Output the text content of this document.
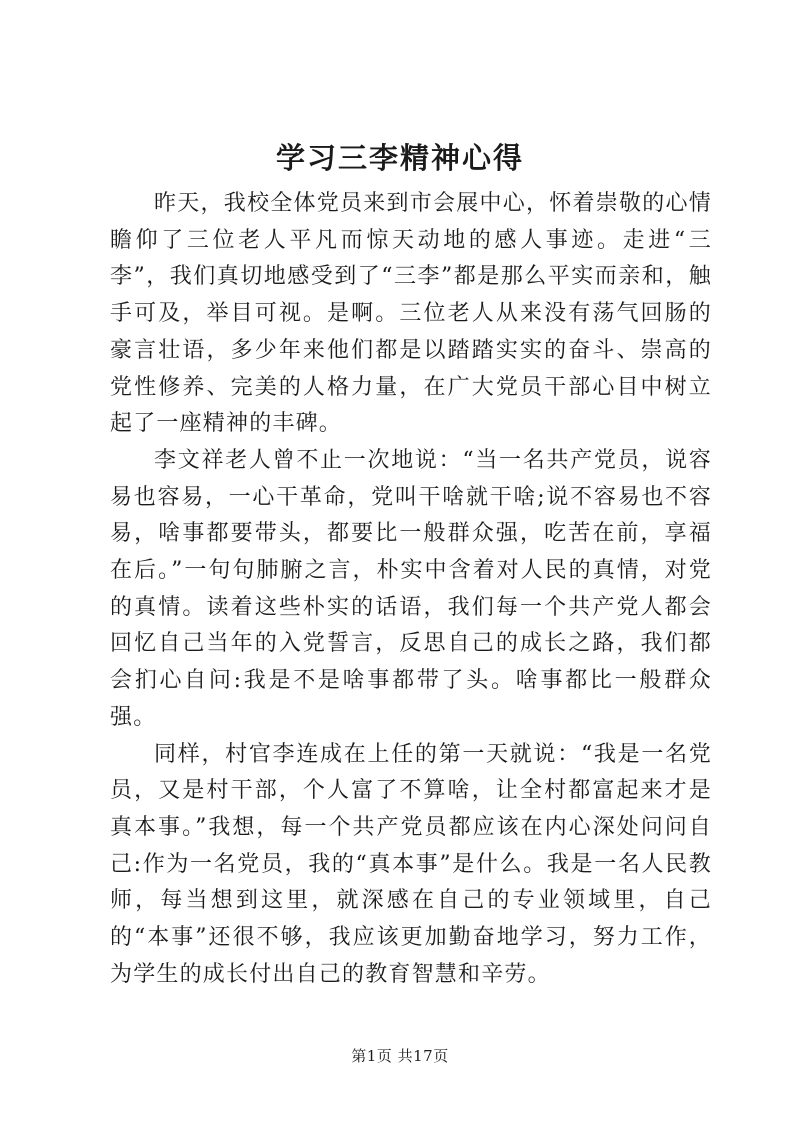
学习三李精神心得

昨天，我校全体党员来到市会展中心，怀着崇敬的心情瞻仰了三位老人平凡而惊天动地的感人事迹。走进“三李”，我们真切地感受到了“三李”都是那么平实而亲和，触手可及，举目可视。是啊。三位老人从来没有荡气回肠的豪言壮语，多少年来他们都是以踏踏实实的奋斗、崇高的党性修养、完美的人格力量，在广大党员干部心目中树立起了一座精神的丰碑。

李文祥老人曾不止一次地说：“当一名共产党员，说容易也容易，一心干革命，党叫干啥就干啥;说不容易也不容易，啥事都要带头，都要比一般群众强，吃苦在前，享福在后。”一句句肺腑之言，朴实中含着对人民的真情，对党的真情。读着这些朴实的话语，我们每一个共产党人都会回忆自己当年的入党誓言，反思自己的成长之路，我们都会扪心自问:我是不是啥事都带了头。啥事都比一般群众强。

同样，村官李连成在上任的第一天就说：“我是一名党员，又是村干部，个人富了不算啥，让全村都富起来才是真本事。”我想，每一个共产党员都应该在内心深处问问自己:作为一名党员，我的“真本事”是什么。我是一名人民教师，每当想到这里，就深感在自己的专业领域里，自己的“本事”还很不够，我应该更加勤奋地学习，努力工作，为学生的成长付出自己的教育智慧和辛劳。

第1页 共17页
